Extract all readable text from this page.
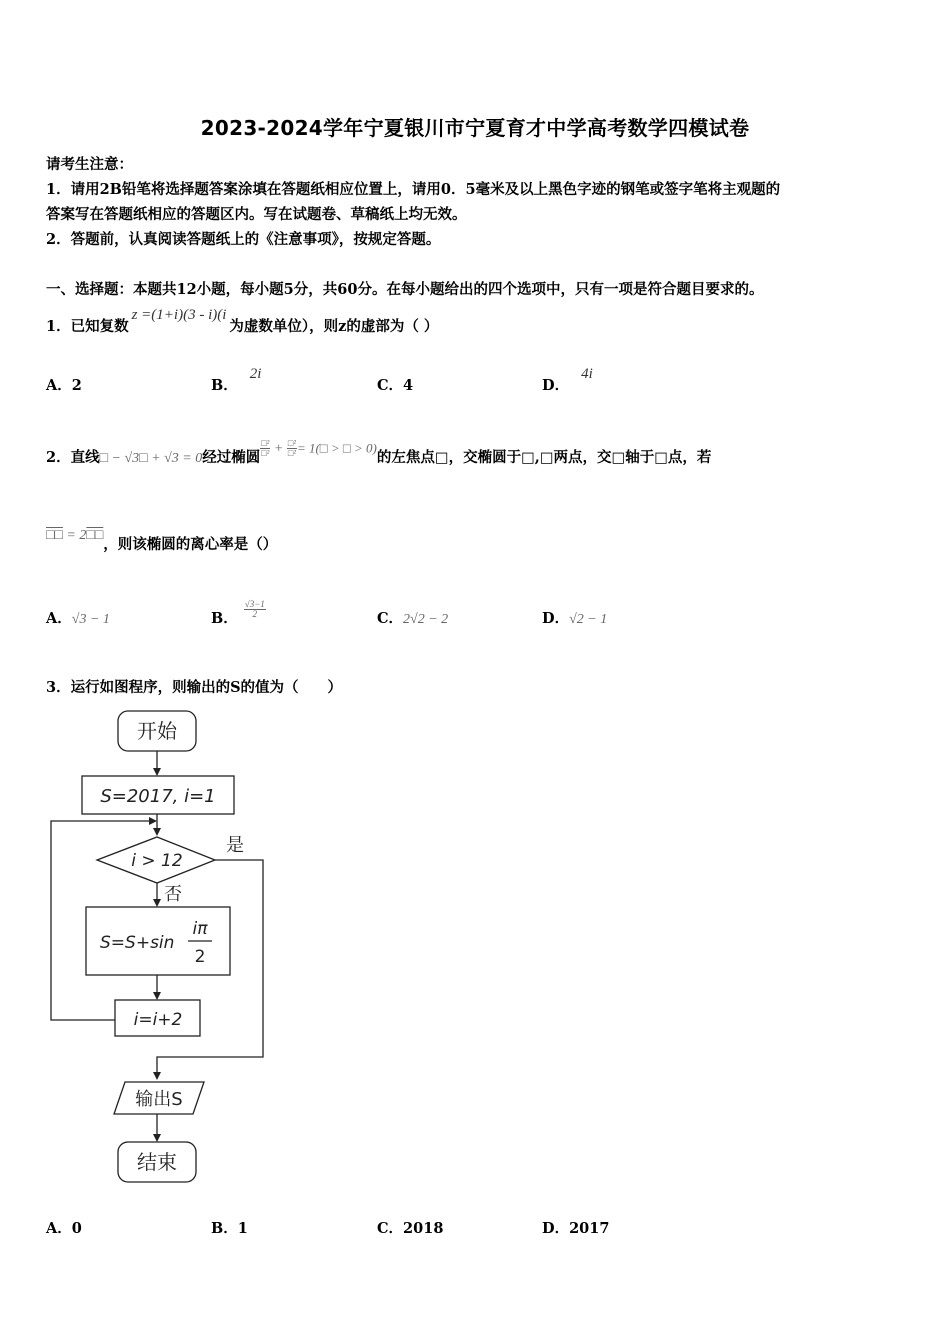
2023-2024学年宁夏银川市宁夏育才中学高考数学四模试卷
请考生注意：
1．请用2B铅笔将选择题答案涂填在答题纸相应位置上，请用0．5毫米及以上黑色字迹的钢笔或签字笔将主观题的
答案写在答题纸相应的答题区内。写在试题卷、草稿纸上均无效。
2．答题前，认真阅读答题纸上的《注意事项》，按规定答题。
一、选择题：本题共12小题，每小题5分，共60分。在每小题给出的四个选项中，只有一项是符合题目要求的。
1．已知复数z =(1+i)(3 - i)(i为虚数单位），则z的虚部为（ ）
A．2	B．2i
C．4	D．4i
2．直线□ − √3□ + √3 = 0经过椭圆 $\frac{\text{□²}}{\text{□²}} + \frac{\text{□²}}{\text{□²}}$ = 1(□ > □ > 0)的左焦点□，交椭圆于□,□两点，交□轴于□点，若
□□ = 2□□，则该椭圆的离心率是（）
A．√3 − 1	B． $\frac{√3-1}{2}$	C．2√2 − 2	D．√2 − 1
3．运行如图程序，则输出的S的值为（　　）
开始
S=2017, i=1
i > 12
是
否
S=S+sin
iπ
2
i=i+2
输出S
结束
A．0	B．1	C．2018	D．2017
